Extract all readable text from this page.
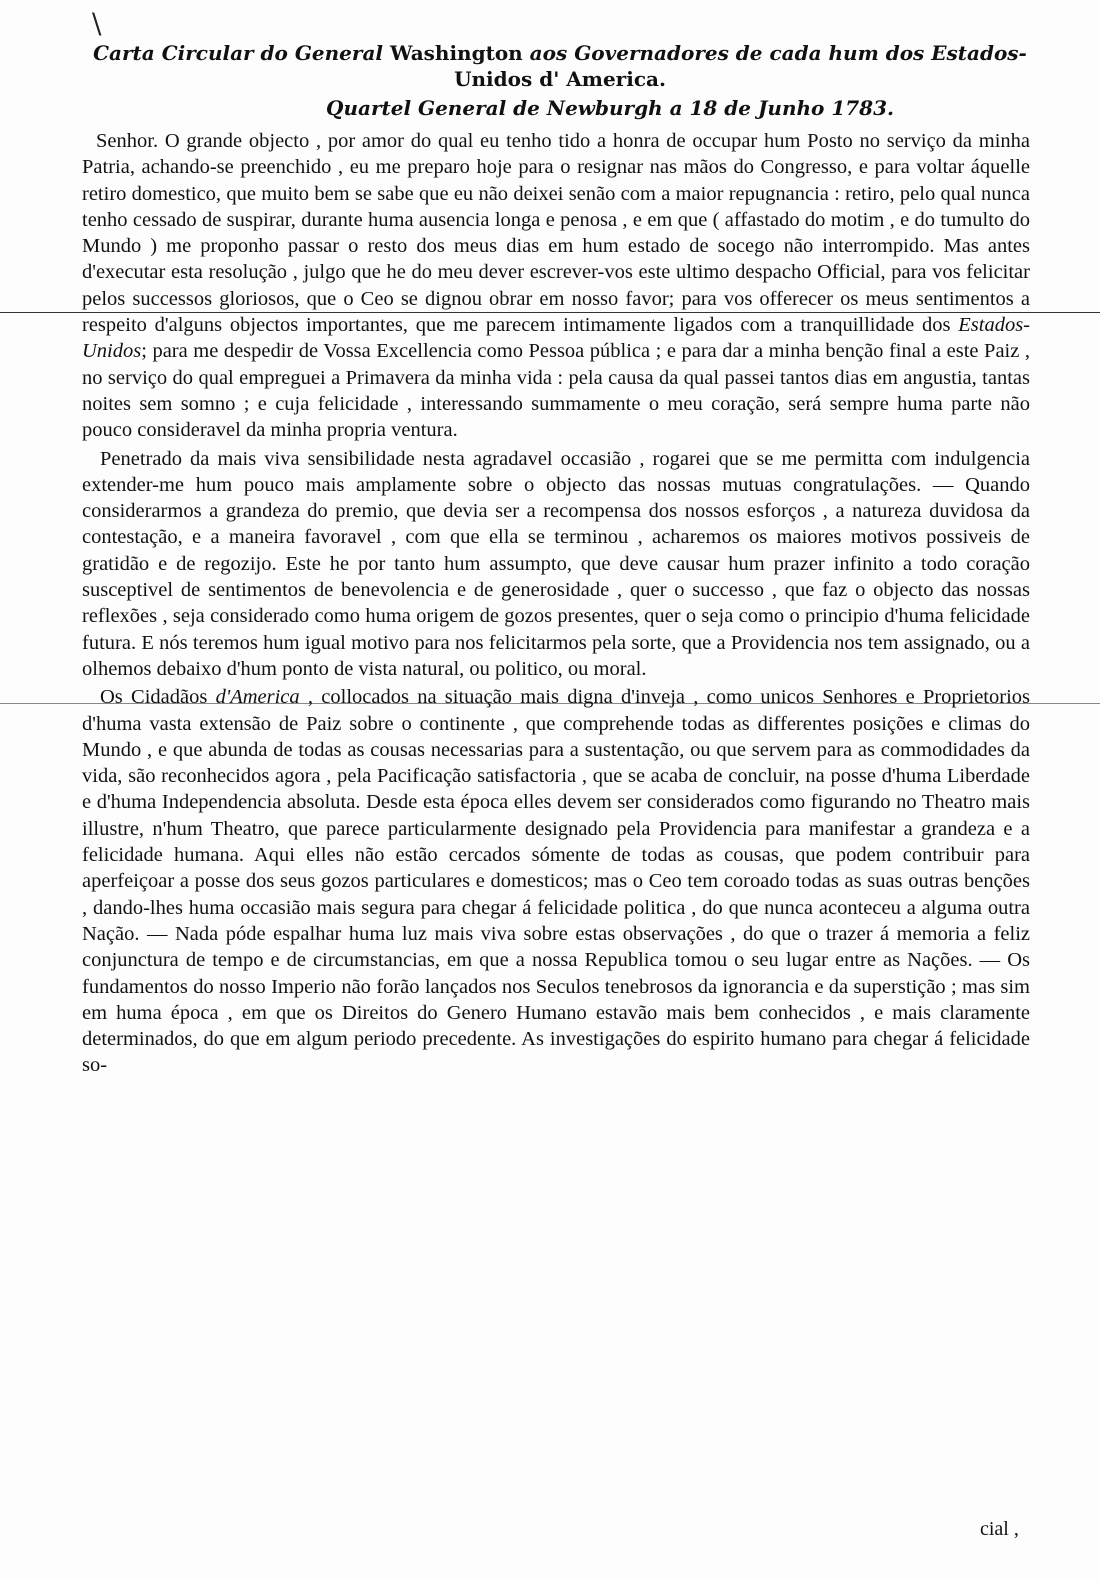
\
Carta Circular do General Washington aos Governadores de cada hum dos Estados-
Unidos d' America.
Quartel General de Newburgh a 18 de Junho 1783.

Senhor. O grande objecto , por amor do qual eu tenho tido a honra de occupar hum Posto no serviço da minha Patria, achando-se preenchido , eu me preparo hoje para o resignar nas mãos do Congresso, e para voltar áquelle retiro domestico, que muito bem se sabe que eu não deixei senão com a maior repugnancia : retiro, pelo qual nunca tenho cessado de suspirar, durante huma ausencia longa e penosa , e em que ( affastado do motim , e do tumulto do Mundo ) me proponho passar o resto dos meus dias em hum estado de socego não interrompido. Mas antes d'executar esta resolução , julgo que he do meu dever escrever-vos este ultimo despacho Official, para vos felicitar pelos successos gloriosos, que o Ceo se dignou obrar em nosso favor; para vos offerecer os meus sentimentos a respeito d'alguns objectos importantes, que me parecem intimamente ligados com a tranquillidade dos Estados-Unidos; para me despedir de Vossa Excellencia como Pessoa pública ; e para dar a minha benção final a este Paiz , no serviço do qual empreguei a Primavera da minha vida : pela causa da qual passei tantos dias em angustia, tantas noites sem somno ; e cuja felicidade , interessando summamente o meu coração, será sempre huma parte não pouco consideravel da minha propria ventura.

Penetrado da mais viva sensibilidade nesta agradavel occasião , rogarei que se me permitta com indulgencia extender-me hum pouco mais amplamente sobre o objecto das nossas mutuas congratulações. — Quando considerarmos a grandeza do premio, que devia ser a recompensa dos nossos esforços , a natureza duvidosa da contestação, e a maneira favoravel , com que ella se terminou , acharemos os maiores motivos possiveis de gratidão e de regozijo. Este he por tanto hum assumpto, que deve causar hum prazer infinito a todo coração susceptivel de sentimentos de benevolencia e de generosidade , quer o successo , que faz o objecto das nossas reflexões , seja considerado como huma origem de gozos presentes, quer o seja como o principio d'huma felicidade futura. E nós teremos hum igual motivo para nos felicitarmos pela sorte, que a Providencia nos tem assignado, ou a olhemos debaixo d'hum ponto de vista natural, ou politico, ou moral.

Os Cidadãos d'America , collocados na situação mais digna d'inveja , como unicos Senhores e Proprietorios d'huma vasta extensão de Paiz sobre o continente , que comprehende todas as differentes posições e climas do Mundo , e que abunda de todas as cousas necessarias para a sustentação, ou que servem para as commodidades da vida, são reconhecidos agora , pela Pacificação satisfactoria , que se acaba de concluir, na posse d'huma Liberdade e d'huma Independencia absoluta. Desde esta época elles devem ser considerados como figurando no Theatro mais illustre, n'hum Theatro, que parece particularmente designado pela Providencia para manifestar a grandeza e a felicidade humana. Aqui elles não estão cercados sómente de todas as cousas, que podem contribuir para aperfeiçoar a posse dos seus gozos particulares e domesticos; mas o Ceo tem coroado todas as suas outras benções , dando-lhes huma occasião mais segura para chegar á felicidade politica , do que nunca aconteceu a alguma outra Nação. — Nada póde espalhar huma luz mais viva sobre estas observações , do que o trazer á memoria a feliz conjunctura de tempo e de circumstancias, em que a nossa Republica tomou o seu lugar entre as Nações. — Os fundamentos do nosso Imperio não forão lançados nos Seculos tenebrosos da ignorancia e da superstição ; mas sim em huma época , em que os Direitos do Genero Humano estavão mais bem conhecidos , e mais claramente determinados, do que em algum periodo precedente. As investigações do espirito humano para chegar á felicidade so-

cial ,
